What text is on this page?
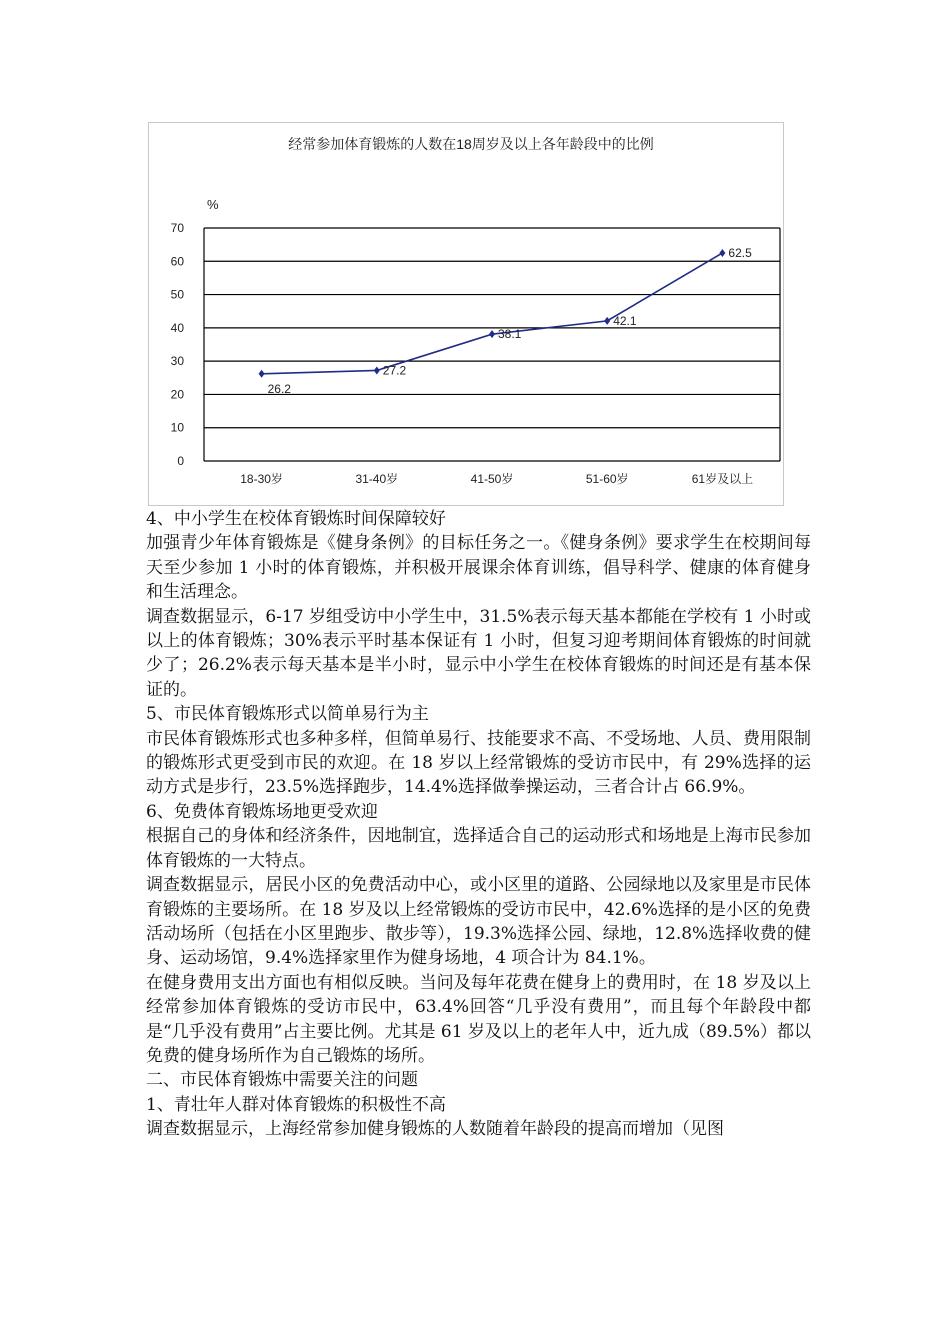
经常参加体育锻炼的人数在18周岁及以上各年龄段中的比例
%
0
10
20
30
40
50
60
70
18-30岁	31-40岁	41-50岁	51-60岁	61岁及以上
26.2
27.2
38.1
42.1
62.5

4、中小学生在校体育锻炼时间保障较好

加强青少年体育锻炼是《健身条例》的目标任务之一。《健身条例》要求学生在校期间每天至少参加 1 小时的体育锻炼，并积极开展课余体育训练，倡导科学、健康的体育健身和生活理念。

调查数据显示，6-17 岁组受访中小学生中，31.5%表示每天基本都能在学校有 1 小时或以上的体育锻炼；30%表示平时基本保证有 1 小时，但复习迎考期间体育锻炼的时间就少了；26.2%表示每天基本是半小时，显示中小学生在校体育锻炼的时间还是有基本保证的。

5、市民体育锻炼形式以简单易行为主

市民体育锻炼形式也多种多样，但简单易行、技能要求不高、不受场地、人员、费用限制的锻炼形式更受到市民的欢迎。在 18 岁以上经常锻炼的受访市民中，有 29%选择的运动方式是步行，23.5%选择跑步，14.4%选择做拳操运动，三者合计占 66.9%。

6、免费体育锻炼场地更受欢迎

根据自己的身体和经济条件，因地制宜，选择适合自己的运动形式和场地是上海市民参加体育锻炼的一大特点。

调查数据显示，居民小区的免费活动中心，或小区里的道路、公园绿地以及家里是市民体育锻炼的主要场所。在 18 岁及以上经常锻炼的受访市民中，42.6%选择的是小区的免费活动场所（包括在小区里跑步、散步等），19.3%选择公园、绿地，12.8%选择收费的健身、运动场馆，9.4%选择家里作为健身场地，4 项合计为 84.1%。

在健身费用支出方面也有相似反映。当问及每年花费在健身上的费用时，在 18 岁及以上经常参加体育锻炼的受访市民中，63.4%回答“几乎没有费用”，而且每个年龄段中都是“几乎没有费用”占主要比例。尤其是 61 岁及以上的老年人中，近九成（89.5%）都以免费的健身场所作为自己锻炼的场所。

二、市民体育锻炼中需要关注的问题

1、青壮年人群对体育锻炼的积极性不高

调查数据显示，上海经常参加健身锻炼的人数随着年龄段的提高而增加（见图
